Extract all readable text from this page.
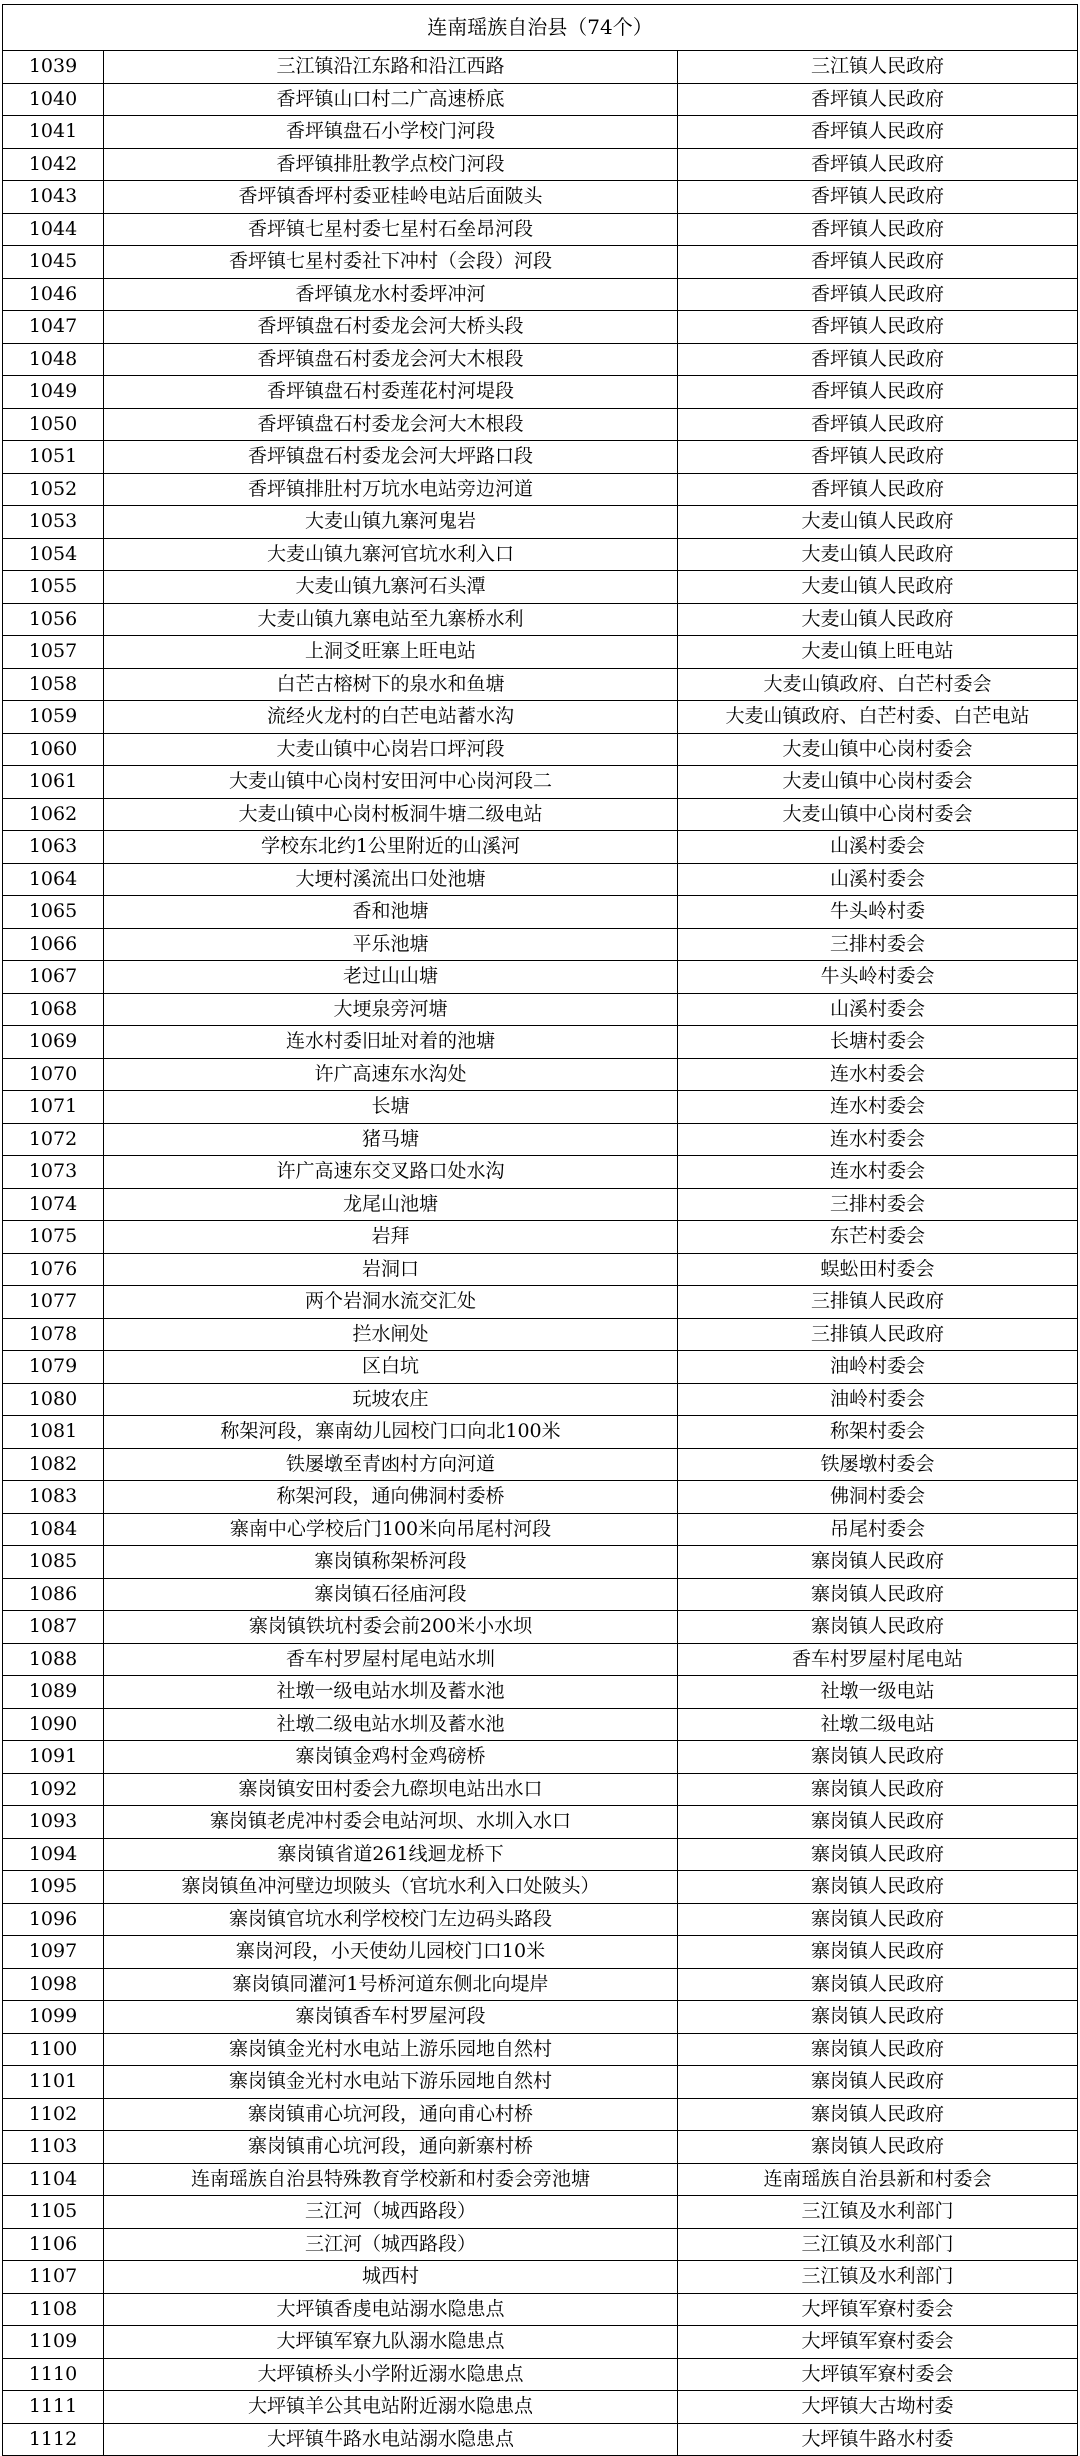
连南瑶族自治县（74个）		
1039	三江镇沿江东路和沿江西路	三江镇人民政府
1040	香坪镇山口村二广高速桥底	香坪镇人民政府
1041	香坪镇盘石小学校门河段	香坪镇人民政府
1042	香坪镇排肚教学点校门河段	香坪镇人民政府
1043	香坪镇香坪村委亚桂岭电站后面陂头	香坪镇人民政府
1044	香坪镇七星村委七星村石垒昂河段	香坪镇人民政府
1045	香坪镇七星村委社下冲村（会段）河段	香坪镇人民政府
1046	香坪镇龙水村委坪冲河	香坪镇人民政府
1047	香坪镇盘石村委龙会河大桥头段	香坪镇人民政府
1048	香坪镇盘石村委龙会河大木根段	香坪镇人民政府
1049	香坪镇盘石村委莲花村河堤段	香坪镇人民政府
1050	香坪镇盘石村委龙会河大木根段	香坪镇人民政府
1051	香坪镇盘石村委龙会河大坪路口段	香坪镇人民政府
1052	香坪镇排肚村万坑水电站旁边河道	香坪镇人民政府
1053	大麦山镇九寨河鬼岩	大麦山镇人民政府
1054	大麦山镇九寨河官坑水利入口	大麦山镇人民政府
1055	大麦山镇九寨河石头潭	大麦山镇人民政府
1056	大麦山镇九寨电站至九寨桥水利	大麦山镇人民政府
1057	上洞爻旺寨上旺电站	大麦山镇上旺电站
1058	白芒古榕树下的泉水和鱼塘	大麦山镇政府、白芒村委会
1059	流经火龙村的白芒电站蓄水沟	大麦山镇政府、白芒村委、白芒电站
1060	大麦山镇中心岗岩口坪河段	大麦山镇中心岗村委会
1061	大麦山镇中心岗村安田河中心岗河段二	大麦山镇中心岗村委会
1062	大麦山镇中心岗村板洞牛塘二级电站	大麦山镇中心岗村委会
1063	学校东北约1公里附近的山溪河	山溪村委会
1064	大埂村溪流出口处池塘	山溪村委会
1065	香和池塘	牛头岭村委
1066	平乐池塘	三排村委会
1067	老过山山塘	牛头岭村委会
1068	大埂泉旁河塘	山溪村委会
1069	连水村委旧址对着的池塘	长塘村委会
1070	许广高速东水沟处	连水村委会
1071	长塘	连水村委会
1072	猪马塘	连水村委会
1073	许广高速东交叉路口处水沟	连水村委会
1074	龙尾山池塘	三排村委会
1075	岩拜	东芒村委会
1076	岩洞口	蜈蚣田村委会
1077	两个岩洞水流交汇处	三排镇人民政府
1078	拦水闸处	三排镇人民政府
1079	区白坑	油岭村委会
1080	玩坡农庄	油岭村委会
1081	称架河段，寨南幼儿园校门口向北100米	称架村委会
1082	铁屡墩至青凼村方向河道	铁屡墩村委会
1083	称架河段，通向佛洞村委桥	佛洞村委会
1084	寨南中心学校后门100米向吊尾村河段	吊尾村委会
1085	寨岗镇称架桥河段	寨岗镇人民政府
1086	寨岗镇石径庙河段	寨岗镇人民政府
1087	寨岗镇铁坑村委会前200米小水坝	寨岗镇人民政府
1088	香车村罗屋村尾电站水圳	香车村罗屋村尾电站
1089	社墩一级电站水圳及蓄水池	社墩一级电站
1090	社墩二级电站水圳及蓄水池	社墩二级电站
1091	寨岗镇金鸡村金鸡磅桥	寨岗镇人民政府
1092	寨岗镇安田村委会九磜坝电站出水口	寨岗镇人民政府
1093	寨岗镇老虎冲村委会电站河坝、水圳入水口	寨岗镇人民政府
1094	寨岗镇省道261线迴龙桥下	寨岗镇人民政府
1095	寨岗镇鱼冲河壁边坝陂头（官坑水利入口处陂头）	寨岗镇人民政府
1096	寨岗镇官坑水利学校校门左边码头路段	寨岗镇人民政府
1097	寨岗河段，小天使幼儿园校门口10米	寨岗镇人民政府
1098	寨岗镇同灌河1号桥河道东侧北向堤岸	寨岗镇人民政府
1099	寨岗镇香车村罗屋河段	寨岗镇人民政府
1100	寨岗镇金光村水电站上游乐园地自然村	寨岗镇人民政府
1101	寨岗镇金光村水电站下游乐园地自然村	寨岗镇人民政府
1102	寨岗镇甫心坑河段，通向甫心村桥	寨岗镇人民政府
1103	寨岗镇甫心坑河段，通向新寨村桥	寨岗镇人民政府
1104	连南瑶族自治县特殊教育学校新和村委会旁池塘	连南瑶族自治县新和村委会
1105	三江河（城西路段）	三江镇及水利部门
1106	三江河（城西路段）	三江镇及水利部门
1107	城西村	三江镇及水利部门
1108	大坪镇香虔电站溺水隐患点	大坪镇军寮村委会
1109	大坪镇军寮九队溺水隐患点	大坪镇军寮村委会
1110	大坪镇桥头小学附近溺水隐患点	大坪镇军寮村委会
1111	大坪镇羊公其电站附近溺水隐患点	大坪镇大古坳村委
1112	大坪镇牛路水电站溺水隐患点	大坪镇牛路水村委
